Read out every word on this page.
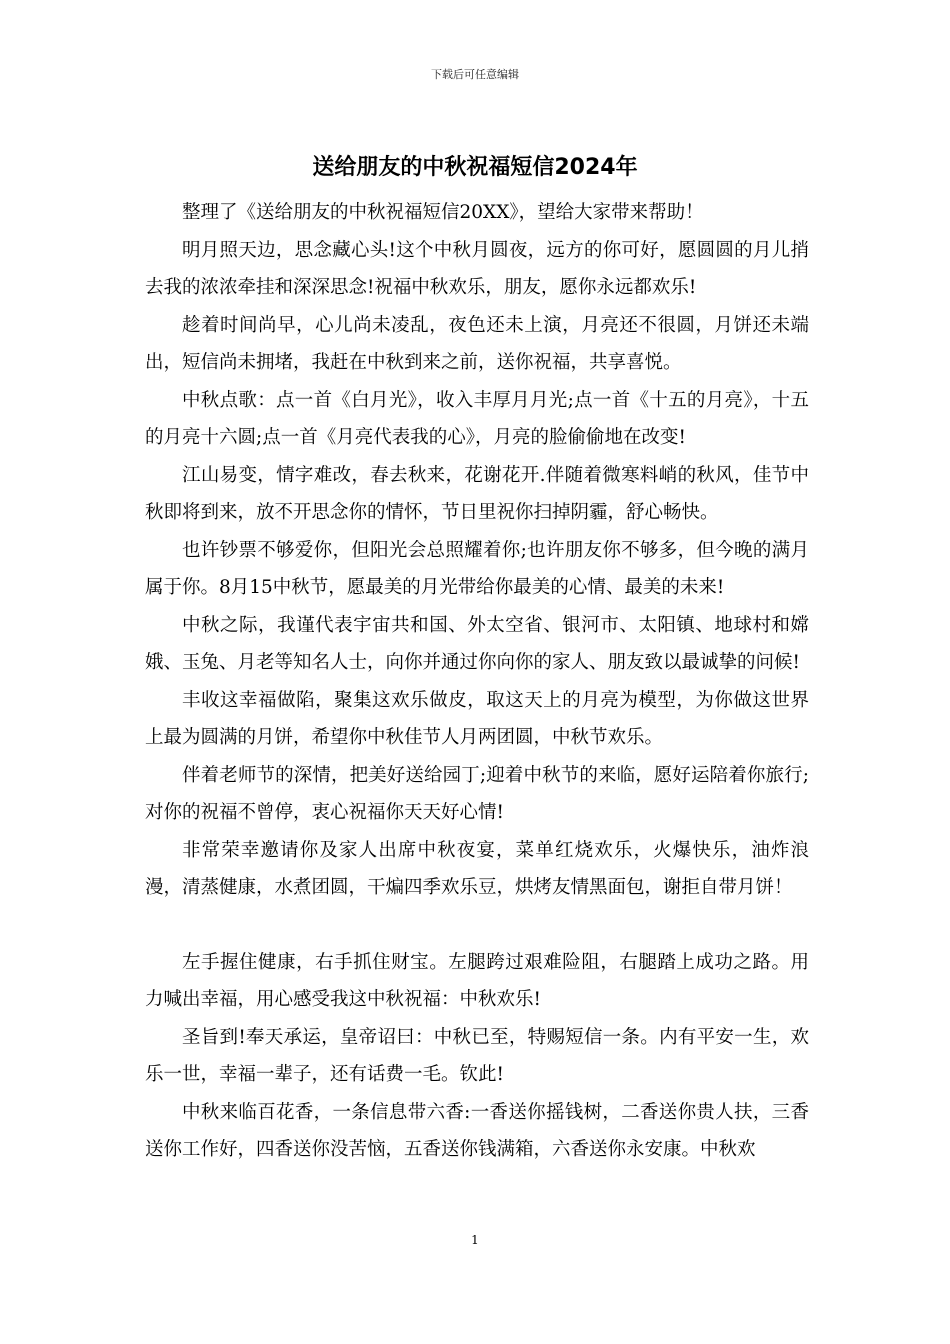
下载后可任意编辑
送给朋友的中秋祝福短信2024年

整理了《送给朋友的中秋祝福短信20XX》，望给大家带来帮助！

明月照天边，思念藏心头!这个中秋月圆夜，远方的你可好，愿圆圆的月儿捎去我的浓浓牵挂和深深思念!祝福中秋欢乐，朋友，愿你永远都欢乐!

趁着时间尚早，心儿尚未凌乱，夜色还未上演，月亮还不很圆，月饼还未端出，短信尚未拥堵，我赶在中秋到来之前，送你祝福，共享喜悦。

中秋点歌：点一首《白月光》，收入丰厚月月光;点一首《十五的月亮》，十五的月亮十六圆;点一首《月亮代表我的心》，月亮的脸偷偷地在改变!

江山易变，情字难改，春去秋来，花谢花开.伴随着微寒料峭的秋风，佳节中秋即将到来，放不开思念你的情怀，节日里祝你扫掉阴霾，舒心畅快。

也许钞票不够爱你，但阳光会总照耀着你;也许朋友你不够多，但今晚的满月属于你。8月15中秋节，愿最美的月光带给你最美的心情、最美的未来!

中秋之际，我谨代表宇宙共和国、外太空省、银河市、太阳镇、地球村和嫦娥、玉兔、月老等知名人士，向你并通过你向你的家人、朋友致以最诚挚的问候!

丰收这幸福做陷，聚集这欢乐做皮，取这天上的月亮为模型，为你做这世界上最为圆满的月饼，希望你中秋佳节人月两团圆，中秋节欢乐。

伴着老师节的深情，把美好送给园丁;迎着中秋节的来临，愿好运陪着你旅行;对你的祝福不曾停，衷心祝福你天天好心情!

非常荣幸邀请你及家人出席中秋夜宴，菜单红烧欢乐，火爆快乐，油炸浪漫，清蒸健康，水煮团圆，干煸四季欢乐豆，烘烤友情黑面包，谢拒自带月饼！

左手握住健康，右手抓住财宝。左腿跨过艰难险阻，右腿踏上成功之路。用力喊出幸福，用心感受我这中秋祝福：中秋欢乐!

圣旨到!奉天承运，皇帝诏曰：中秋已至，特赐短信一条。内有平安一生，欢乐一世，幸福一辈子，还有话费一毛。钦此!

中秋来临百花香，一条信息带六香:一香送你摇钱树，二香送你贵人扶，三香送你工作好，四香送你没苦恼，五香送你钱满箱，六香送你永安康。中秋欢

1
